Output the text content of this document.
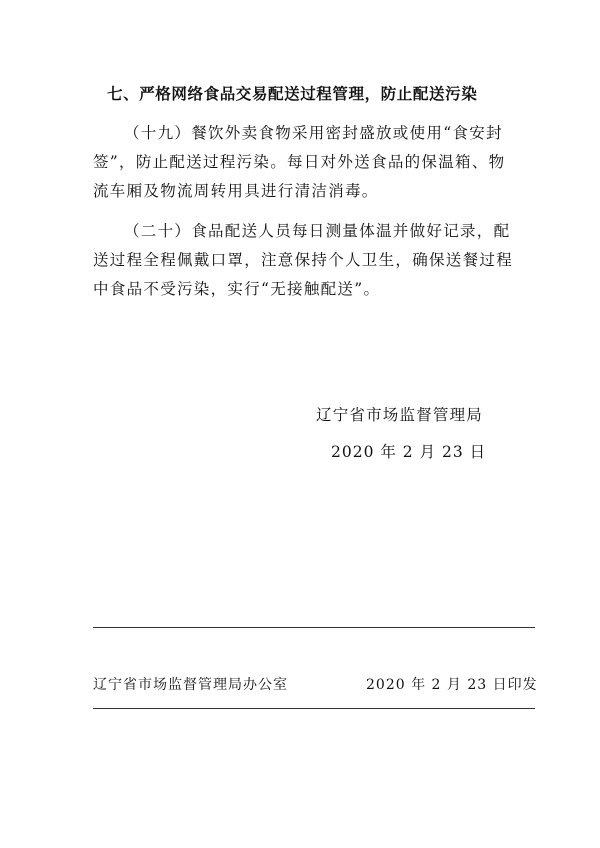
七、严格网络食品交易配送过程管理，防止配送污染
（十九）餐饮外卖食物采用密封盛放或使用“食安封
签”，防止配送过程污染。每日对外送食品的保温箱、物
流车厢及物流周转用具进行清洁消毒。
（二十）食品配送人员每日测量体温并做好记录，配
送过程全程佩戴口罩，注意保持个人卫生，确保送餐过程
中食品不受污染，实行“无接触配送”。
辽宁省市场监督管理局
2020 年 2 月 23 日
辽宁省市场监督管理局办公室	2020 年 2 月 23 日印发
